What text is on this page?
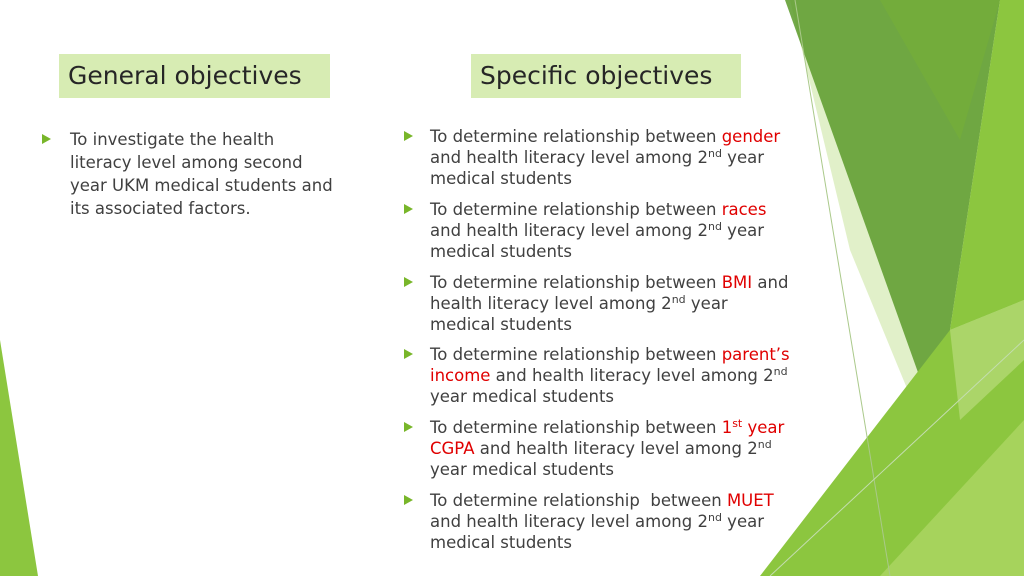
General objectives	Specific objectives
To investigate the health
literacy level among second
year UKM medical students and
its associated factors.
To determine relationship between gender
and health literacy level among 2nd year
medical students
To determine relationship between races
and health literacy level among 2nd year
medical students
To determine relationship between BMI and
health literacy level among 2nd year
medical students
To determine relationship between parent’s
income and health literacy level among 2nd
year medical students
To determine relationship between 1st year
CGPA and health literacy level among 2nd
year medical students
To determine relationship  between MUET
and health literacy level among 2nd year
medical students
